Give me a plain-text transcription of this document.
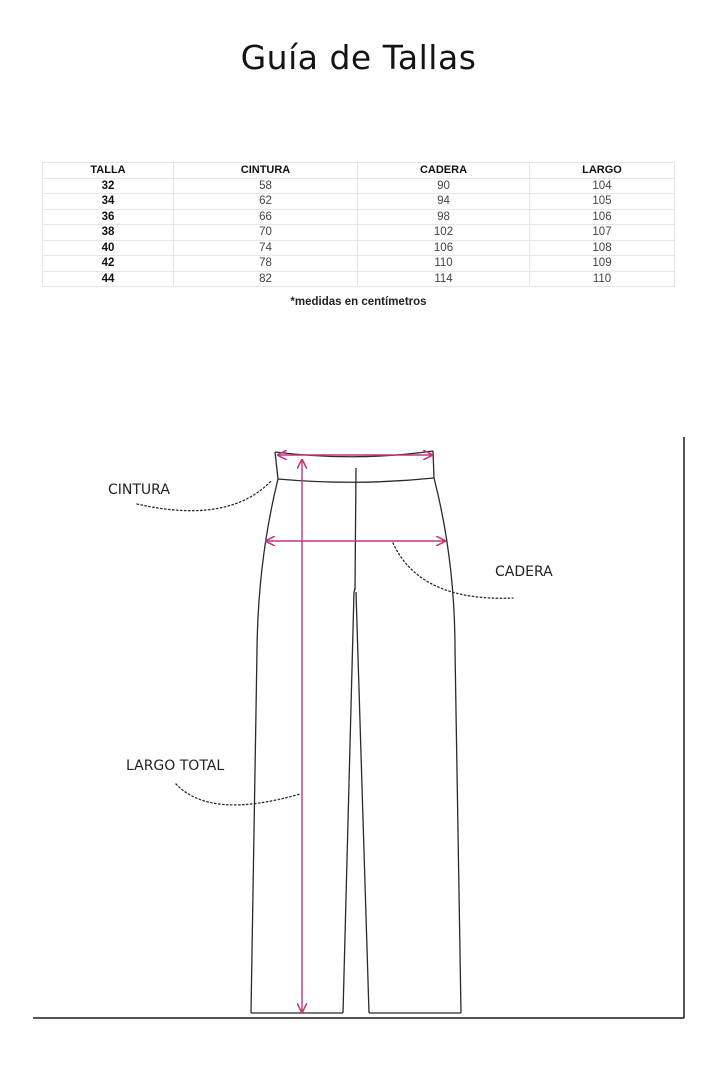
Guía de Tallas
TALLA	CINTURA	CADERA	LARGO
32	58	90	104
34	62	94	105
36	66	98	106
38	70	102	107
40	74	106	108
42	78	110	109
44	82	114	110
*medidas en centímetros
CINTURA
CADERA
LARGO TOTAL
